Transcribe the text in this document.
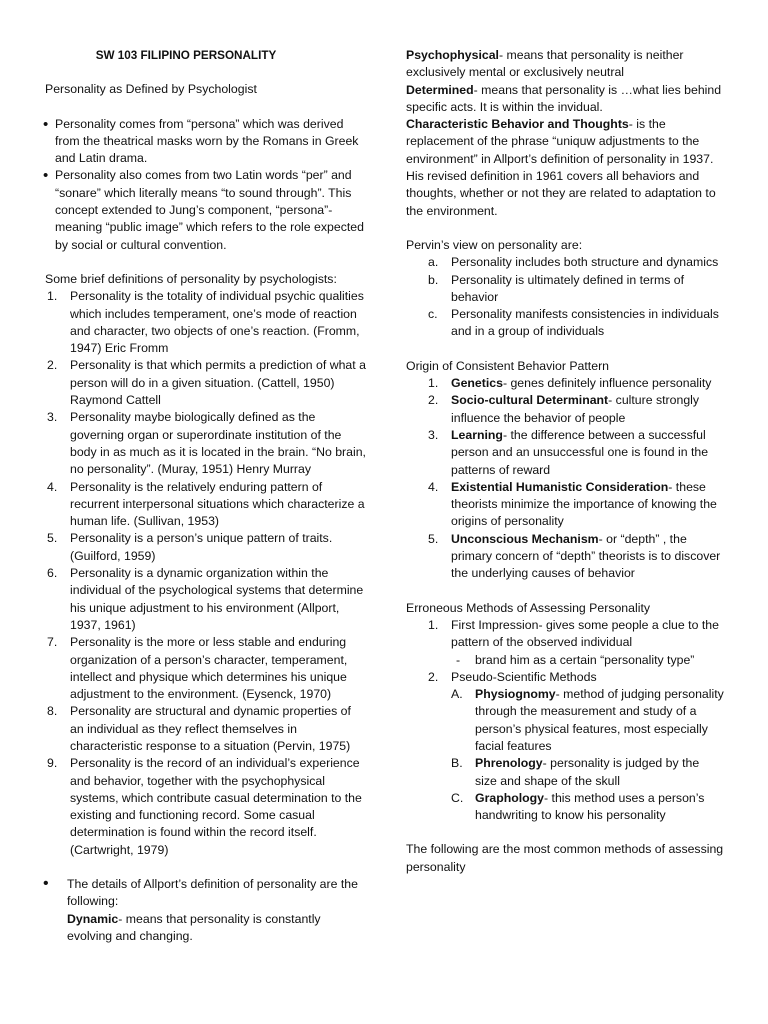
SW 103 FILIPINO PERSONALITY

Personality as Defined by Psychologist

• Personality comes from “persona” which was derived from the theatrical masks worn by the Romans in Greek and Latin drama.

• Personality also comes from two Latin words “per” and “sonare” which literally means “to sound through”. This concept extended to Jung’s component, “persona”- meaning “public image” which refers to the role expected by social or cultural convention.

Some brief definitions of personality by psychologists:

1. Personality is the totality of individual psychic qualities which includes temperament, one’s mode of reaction and character, two objects of one’s reaction. (Fromm, 1947) Eric Fromm
2. Personality is that which permits a prediction of what a person will do in a given situation. (Cattell, 1950) Raymond Cattell
3. Personality maybe biologically defined as the governing organ or superordinate institution of the body in as much as it is located in the brain. “No brain, no personality”. (Muray, 1951) Henry Murray
4. Personality is the relatively enduring pattern of recurrent interpersonal situations which characterize a human life. (Sullivan, 1953)
5. Personality is a person’s unique pattern of traits. (Guilford, 1959)
6. Personality is a dynamic organization within the individual of the psychological systems that determine his unique adjustment to his environment (Allport, 1937, 1961)
7. Personality is the more or less stable and enduring organization of a person’s character, temperament, intellect and physique which determines his unique adjustment to the environment. (Eysenck, 1970)
8. Personality are structural and dynamic properties of an individual as they reflect themselves in characteristic response to a situation (Pervin, 1975)
9. Personality is the record of an individual’s experience and behavior, together with the psychophysical systems, which contribute casual determination to the existing and functioning record. Some casual determination is found within the record itself. (Cartwright, 1979)
• The details of Allport’s definition of personality are the following:

Dynamic- means that personality is constantly evolving and changing.

Psychophysical- means that personality is neither exclusively mental or exclusively neutral

Determined- means that personality is …what lies behind specific acts. It is within the invidual.

Characteristic Behavior and Thoughts- is the replacement of the phrase “uniquw adjustments to the environment” in Allport’s definition of personality in 1937. His revised definition in 1961 covers all behaviors and thoughts, whether or not they are related to adaptation to the environment.

Pervin’s view on personality are:

a. Personality includes both structure and dynamics
b. Personality is ultimately defined in terms of behavior
c. Personality manifests consistencies in individuals and in a group of individuals

Origin of Consistent Behavior Pattern

1. Genetics- genes definitely influence personality
2. Socio-cultural Determinant- culture strongly influence the behavior of people
3. Learning- the difference between a successful person and an unsuccessful one is found in the patterns of reward
4. Existential Humanistic Consideration- these theorists minimize the importance of knowing the origins of personality
5. Unconscious Mechanism- or “depth” , the primary concern of “depth” theorists is to discover the underlying causes of behavior

Erroneous Methods of Assessing Personality

1. First Impression- gives some people a clue to the pattern of the observed individual
- brand him as a certain “personality type”
2. Pseudo-Scientific Methods
A. Physiognomy- method of judging personality through the measurement and study of a person’s physical features, most especially facial features
B. Phrenology- personality is judged by the size and shape of the skull
C. Graphology- this method uses a person’s handwriting to know his personality

The following are the most common methods of assessing personality
